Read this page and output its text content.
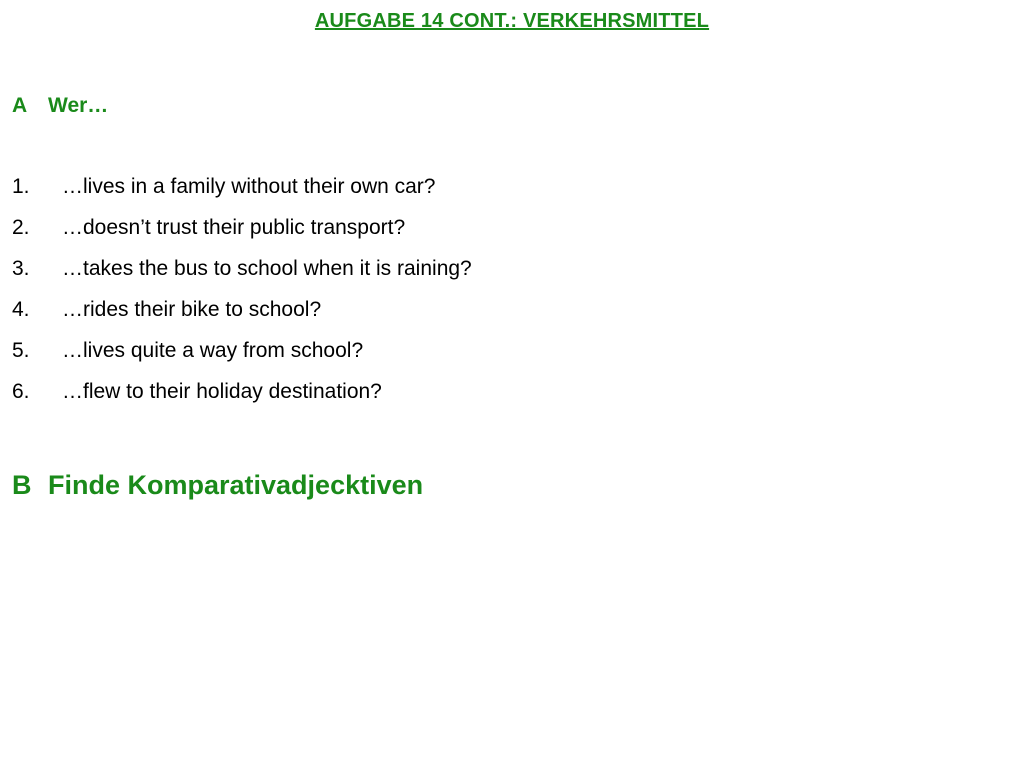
AUFGABE 14 CONT.: VERKEHRSMITTEL
A Wer…
1. …lives in a family without their own car?
2. …doesn’t trust their public transport?
3. …takes the bus to school when it is raining?
4. …rides their bike to school?
5. …lives quite a way from school?
6. …flew to their holiday destination?
B Finde Komparativadjecktiven
